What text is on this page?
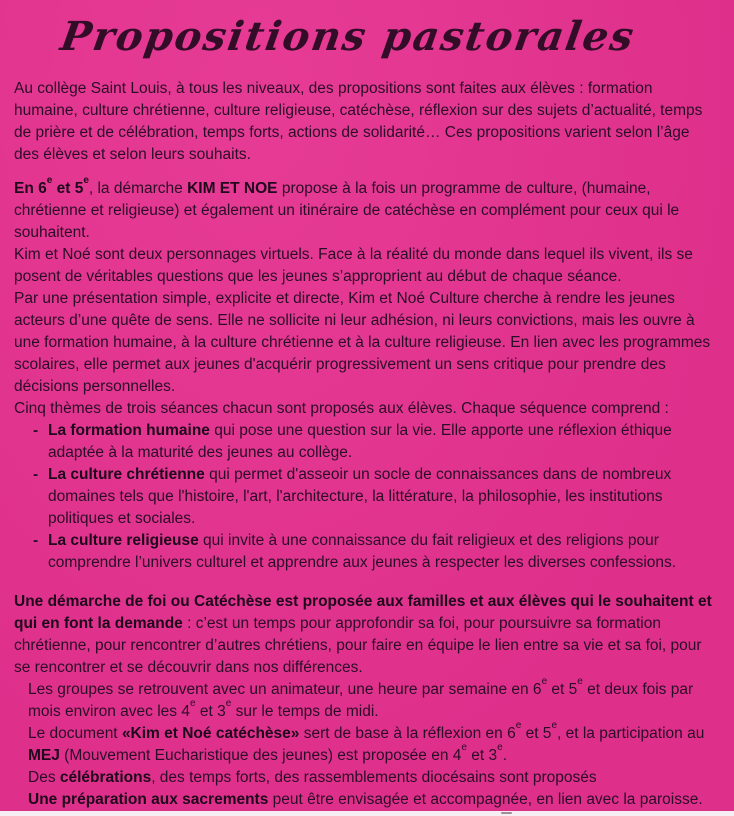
Propositions pastorales

Au collège Saint Louis, à tous les niveaux, des propositions sont faites aux élèves : formation humaine, culture chrétienne, culture religieuse, catéchèse, réflexion sur des sujets d’actualité, temps de prière et de célébration, temps forts, actions de solidarité… Ces propositions varient selon l’âge des élèves et selon leurs souhaits.

En 6e et 5e, la démarche KIM ET NOE propose à la fois un programme de culture, (humaine, chrétienne et religieuse) et également un itinéraire de catéchèse en complément pour ceux qui le souhaitent.

Kim et Noé sont deux personnages virtuels. Face à la réalité du monde dans lequel ils vivent, ils se posent de véritables questions que les jeunes s’approprient au début de chaque séance.

Par une présentation simple, explicite et directe, Kim et Noé Culture cherche à rendre les jeunes acteurs d’une quête de sens. Elle ne sollicite ni leur adhésion, ni leurs convictions, mais les ouvre à une formation humaine, à la culture chrétienne et à la culture religieuse. En lien avec les programmes scolaires, elle permet aux jeunes d'acquérir progressivement un sens critique pour prendre des décisions personnelles.

Cinq thèmes de trois séances chacun sont proposés aux élèves. Chaque séquence comprend :

- La formation humaine qui pose une question sur la vie. Elle apporte une réflexion éthique adaptée à la maturité des jeunes au collège.
- La culture chrétienne qui permet d'asseoir un socle de connaissances dans de nombreux domaines tels que l'histoire, l'art, l'architecture, la littérature, la philosophie, les institutions politiques et sociales.
- La culture religieuse qui invite à une connaissance du fait religieux et des religions pour comprendre l’univers culturel et apprendre aux jeunes à respecter les diverses confessions.

Une démarche de foi ou Catéchèse est proposée aux familles et aux élèves qui le souhaitent et qui en font la demande : c’est un temps pour approfondir sa foi, pour poursuivre sa formation chrétienne, pour rencontrer d’autres chrétiens, pour faire en équipe le lien entre sa vie et sa foi, pour se rencontrer et se découvrir dans nos différences.

Les groupes se retrouvent avec un animateur, une heure par semaine en 6e et 5e et deux fois par mois environ avec les 4e et 3e sur le temps de midi.

Le document «Kim et Noé catéchèse» sert de base à la réflexion en 6e et 5e, et la participation au MEJ (Mouvement Eucharistique des jeunes) est proposée en 4e et 3e.

Des célébrations, des temps forts, des rassemblements diocésains sont proposés

Une préparation aux sacrements peut être envisagée et accompagnée, en lien avec la paroisse.
